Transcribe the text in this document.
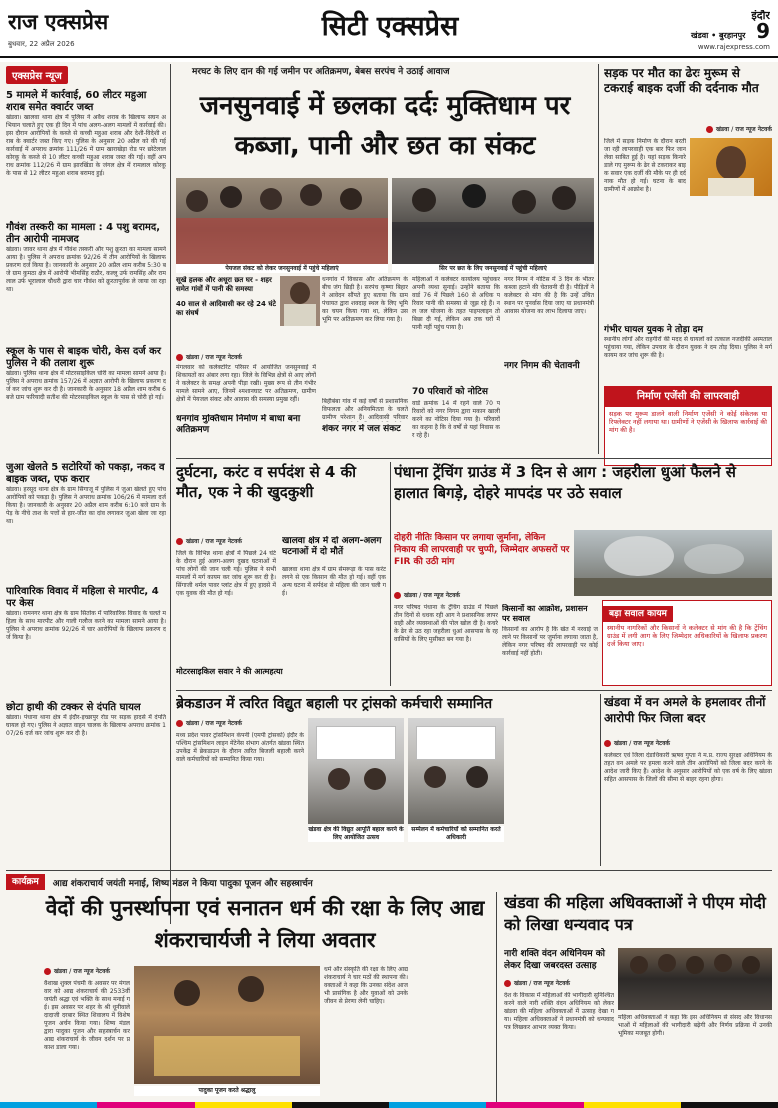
राज एक्सप्रेस
बुधवार, 22 अप्रैल 2026
सिटी एक्सप्रेस	खंडवा • बुरहानपुर
इंदौर
9
www.rajexpress.com
एक्सप्रेस न्यूज
5 मामले में कार्रवाई, 60 लीटर महुआ शराब समेत क्वार्टर जब्त

खंडवा। खालवा थाना क्षेत्र में पुलिस ने अवैध शराब के खिलाफ सघन अभियान चलाते हुए एक ही दिन में पांच अलग-अलग मामलों में कार्रवाई की। इस दौरान आरोपियों के कब्जे से कच्ची महुआ शराब और देशी-विदेशी शराब के क्वार्टर जब्त किए गए। पुलिस के अनुसार 20 अप्रैल को की गई कार्रवाई में अपराध क्रमांक 111/26 में ग्राम खाराखेड़ा रोड पर छोटेलाल कोरकू के कब्जे से 10 लीटर कच्ची महुआ शराब जब्त की गई। वहीं अपराध क्रमांक 112/26 में ग्राम झारखिंडा के जंगल क्षेत्र में रामलाल कोरकू के पास से 12 लीटर महुआ शराब बरामद हुई।

गौवंश तस्करी का मामला : 4 पशु बरामद, तीन आरोपी नामजद

खंडवा। जावर थाना क्षेत्र में गौवंश तस्करी और पशु क्रूरता का मामला सामने आया है। पुलिस ने अपराध क्रमांक 92/26 में तीन आरोपियों के खिलाफ प्रकरण दर्ज किया है। जानकारी के अनुसार 20 अप्रैल शाम करीब 5:30 बजे ग्राम कुमठा क्षेत्र में आरोपी भीमसिंह राठौर, कल्लू उर्फ रामसिंह और रामलाल उर्फ भूरालाल चौधरी द्वारा चार गौवंश को क्रूरतापूर्वक ले जाया जा रहा था।

स्कूल के पास से बाइक चोरी, केस दर्ज कर पुलिस ने की तलाश शुरू

खंडवा। पुलिस थाना क्षेत्र में मोटरसाइकिल चोरी का मामला सामने आया है। पुलिस ने अपराध क्रमांक 157/26 में अज्ञात आरोपी के खिलाफ प्रकरण दर्ज कर जांच शुरू कर दी है। जानकारी के अनुसार 18 अप्रैल शाम करीब 6 बजे ग्राम फरियादी सतीश की मोटरसाइकिल स्कूल के पास से चोरी हो गई।

जुआ खेलते 5 सटोरियों को पकड़ा, नकद व बाइक जब्त, एफ करार

खंडवा। हरसूद थाना क्षेत्र के ग्राम सिंगाजू में पुलिस ने जुआ खेलते हुए पांच आरोपियों को पकड़ा है। पुलिस ने अपराध क्रमांक 106/26 में मामला दर्ज किया है। जानकारी के अनुसार 20 अप्रैल शाम करीब 6:10 बजे ग्राम के पेड़ के नीचे ताश के पत्तों से हार-जीत का दांव लगाकर जुआ खेला जा रहा था।

पारिवारिक विवाद में महिला से मारपीट, 4 पर केस

खंडवा। रामनगर थाना क्षेत्र के ग्राम सितोक में पारिवारिक विवाद के चलते महिला के साथ मारपीट और गाली गलौज करने का मामला सामने आया है। पुलिस ने अपराध क्रमांक 92/26 में चार आरोपियों के खिलाफ प्रकरण दर्ज किया है।

छोटा हाथी की टक्कर से दंपति घायल

खंडवा। पंधाना थाना क्षेत्र में इंदौर-इच्छापुर रोड पर सड़क हादसे में दंपति घायल हो गए। पुलिस ने अज्ञात वाहन चालक के खिलाफ अपराध क्रमांक 107/26 दर्ज कर जांच शुरू कर दी है।

मरघट के लिए दान की गई जमीन पर अतिक्रमण, बेबस सरपंच ने उठाई आवाज
जनसुनवाई में छलका दर्दः मुक्तिधाम पर कब्जा, पानी और छत का संकट
पेयजल संकट को लेकर जनसुनवाई में पहुंचे महिलाएं	सिर पर छत के लिए जनसुनवाई में पहुंची महिलाएं
सूखे हलक और अधूरा छत घर - शहर समेत गांवों में पानी की समस्या
40 साल से आदिवासी कर रहे 24 घंटे का संघर्ष
खंडवा / राज न्यूज नेटवर्क

मंगलवार को कलेक्टोरेट परिसर में आयोजित जनसुनवाई में शिकायतों का अंबार लगा रहा। जिले के विभिन्न क्षेत्रों से आए लोगों ने कलेक्टर के समक्ष अपनी पीड़ा रखी। मुख्य रूप से तीन गंभीर मामले सामने आए, जिनमें श्मशानघाट पर अतिक्रमण, ग्रामीण क्षेत्रों में पेयजल संकट और आवास की समस्या प्रमुख रहीं।

धनगांव मुक्तिधाम निर्माण में बाधा बना अतिक्रमण

धनगांव में विकास और अतिक्रमण के बीच जंग छिड़ी है। सरपंच कृष्णा बिहार ने आवेदन सौंपते हुए बताया कि ग्राम पंचायत द्वारा शवदाह स्थल के लिए भूमि का चयन किया गया था, लेकिन उस भूमि पर अतिक्रमण कर लिया गया है।

बिहीबंबा गांव में कई वर्षों से प्रशासनिक विफलता और अनियमितता के चलते ग्रामीण परेशान हैं। आदिवासी परिवार

शंकर नगर में जल संकट

महिलाओं ने कलेक्टर कार्यालय पहुंचकर अपनी व्यथा सुनाई। उन्होंने बताया कि वार्ड 76 में पिछले 160 से अधिक परिवार पानी की समस्या से जूझ रहे हैं। नल जल योजना के तहत पाइपलाइन तो बिछा दी गई, लेकिन अब तक घरों में पानी नहीं पहुंच पाया है।

70 परिवारों को नोटिस

वार्ड क्रमांक 14 में रहने वाले 70 परिवारों को नगर निगम द्वारा मकान खाली करने का नोटिस दिया गया है। परिवारों का कहना है कि वे वर्षों से यहां निवास कर रहे हैं।

नगर निगम ने नोटिस में 3 दिन के भीतर कब्जा हटाने की चेतावनी दी है। पीड़ितों ने कलेक्टर से मांग की है कि उन्हें उचित स्थान पर पुनर्वास दिया जाए या प्रधानमंत्री आवास योजना का लाभ दिलाया जाए।

नगर निगम की चेतावनी
सड़क पर मौत का ढेरः मुरूम से टकराई बाइक दर्जी की दर्दनाक मौत
खंडवा / राज न्यूज नेटवर्क

जिले में सड़क निर्माण के दौरान बरती जा रही लापरवाही एक बार फिर जानलेवा साबित हुई है। यहां सड़क किनारे डाले गए मुरूम के ढेर से टकराकर बाइक सवार एक दर्जी की मौके पर ही दर्दनाक मौत हो गई। घटना के बाद ग्रामीणों में आक्रोश है।

गंभीर घायल युवक ने तोड़ा दम

स्थानीय लोगों और राहगीरों की मदद से घायलों को तत्काल नजदीकी अस्पताल पहुंचाया गया, लेकिन उपचार के दौरान युवक ने दम तोड़ दिया। पुलिस ने मर्ग कायम कर जांच शुरू की है।

निर्माण एजेंसी की लापरवाही

सड़क पर मुरूम डालने वाली निर्माण एजेंसी ने कोई संकेतक या रिफ्लेक्टर नहीं लगाया था। ग्रामीणों ने एजेंसी के खिलाफ कार्रवाई की मांग की है।

दुर्घटना, करंट व सर्पदंश से 4 की मौत, एक ने की खुदकुशी
खंडवा / राज न्यूज नेटवर्क

जिले के विभिन्न थाना क्षेत्रों में पिछले 24 घंटे के दौरान हुई अलग-अलग दुखद घटनाओं में पांच लोगों की जान चली गई। पुलिस ने सभी मामलों में मर्ग कायम कर जांच शुरू कर दी है। सिंगाजी थर्मल पावर प्लांट क्षेत्र में हुए हादसे में एक युवक की मौत हो गई।

खालवा क्षेत्र में दो अलग-अलग घटनाओं में दो मौतें

खालवा थाना क्षेत्र में ग्राम सेमरूड़ा के पास करंट लगने से एक किसान की मौत हो गई। वहीं एक अन्य घटना में सर्पदंश से महिला की जान चली गई।

मोटरसाइकिल सवार ने की आत्महत्या
पंधाना ट्रेंचिंग ग्राउंड में 3 दिन से आग : जहरीला धुआं फैलने से हालात बिगड़े, दोहरे मापदंड पर उठे सवाल
दोहरी नीतिः किसान पर लगाया जुर्माना, लेकिन निकाय की लापरवाही पर चुप्पी, जिम्मेदार अफसरों पर FIR की उठी मांग
खंडवा / राज न्यूज नेटवर्क

नगर परिषद पंधाना के ट्रेंचिंग ग्राउंड में पिछले तीन दिनों से धधक रही आग ने प्रशासनिक लापरवाही और व्यवस्थाओं की पोल खोल दी है। कचरे के ढेर से उठ रहा जहरीला धुआं आसपास के रहवासियों के लिए मुसीबत बन गया है।

किसानों का आक्रोश, प्रशासन पर सवाल

किसानों का आरोप है कि खेत में नरवाई जलाने पर किसानों पर जुर्माना लगाया जाता है, लेकिन नगर परिषद की लापरवाही पर कोई कार्रवाई नहीं होती।

बड़ा सवाल कायम

स्थानीय नागरिकों और किसानों ने कलेक्टर से मांग की है कि ट्रेंचिंग ग्राउंड में लगी आग के लिए जिम्मेदार अधिकारियों के खिलाफ प्रकरण दर्ज किया जाए।

ब्रेकडाउन में त्वरित विद्युत बहाली पर ट्रांसको कर्मचारी सम्मानित
खंडवा / राज न्यूज नेटवर्क

मध्य प्रदेश पावर ट्रांसमिशन कंपनी (एमपी ट्रांसको) इंदौर के पश्चिम ट्रांसमिशन लाइन मेंटेनेंस संभाग अंतर्गत खंडवा स्थित उपकेंद्र में ब्रेकडाउन के दौरान त्वरित बिजली बहाली करने वाले कर्मचारियों को सम्मानित किया गया।

खंडवा क्षेत्र की विद्युत आपूर्ति बहाल करने के लिए आयोजित उत्सव
सम्मेलन में कर्मचारियों को सम्मानित करते अधिकारी

खंडवा में वन अमले के हमलावर तीनों आरोपी फिर जिला बदर
खंडवा / राज न्यूज नेटवर्क

कलेक्टर एवं जिला दंडाधिकारी ऋषव गुप्ता ने म.प्र. राज्य सुरक्षा अधिनियम के तहत वन अमले पर हमला करने वाले तीन आरोपियों को जिला बदर करने के आदेश जारी किए हैं। आदेश के अनुसार आरोपियों को एक वर्ष के लिए खंडवा सहित आसपास के जिलों की सीमा से बाहर रहना होगा।

कार्यक्रम	आद्य शंकराचार्य जयंती मनाई, शिष्य मंडल ने किया पादुका पूजन और सहस्त्रार्चन
वेदों की पुनर्स्थापना एवं सनातन धर्म की रक्षा के लिए आद्य शंकराचार्यजी ने लिया अवतार
खंडवा / राज न्यूज नेटवर्क

वैशाख शुक्ल पंचमी के अवसर पर मंगलवार को आद्य शंकराचार्य की 2533वीं जयंती श्रद्धा एवं भक्ति के साथ मनाई गई। इस अवसर पर शहर के श्री धूनीवाले दादाजी दरबार स्थित शिवालय में विशेष पूजन अर्चन किया गया। शिष्य मंडल द्वारा पादुका पूजन और सहस्त्रार्चन कर आद्य शंकराचार्य के जीवन दर्शन पर प्रकाश डाला गया।

पादुका पूजन करते श्रद्धालु

धर्म और संस्कृति की रक्षा के लिए आद्य शंकराचार्य ने चार मठों की स्थापना की। वक्ताओं ने कहा कि उनका संदेश आज भी प्रासंगिक है और युवाओं को उनके जीवन से प्रेरणा लेनी चाहिए।

खंडवा की महिला अधिवक्ताओं ने पीएम मोदी को लिखा धन्यवाद पत्र
नारी शक्ति वंदन अधिनियम को लेकर दिखा जबरदस्त उत्साह
खंडवा / राज न्यूज नेटवर्क

देश के विकास में महिलाओं की भागीदारी सुनिश्चित करने वाले नारी शक्ति वंदन अधिनियम को लेकर खंडवा की महिला अधिवक्ताओं में उत्साह देखा गया। महिला अधिवक्ताओं ने प्रधानमंत्री को धन्यवाद पत्र लिखकर आभार व्यक्त किया।

महिला अधिवक्ताओं ने कहा कि इस अधिनियम से संसद और विधानसभाओं में महिलाओं की भागीदारी बढ़ेगी और निर्णय प्रक्रिया में उनकी भूमिका मजबूत होगी।
